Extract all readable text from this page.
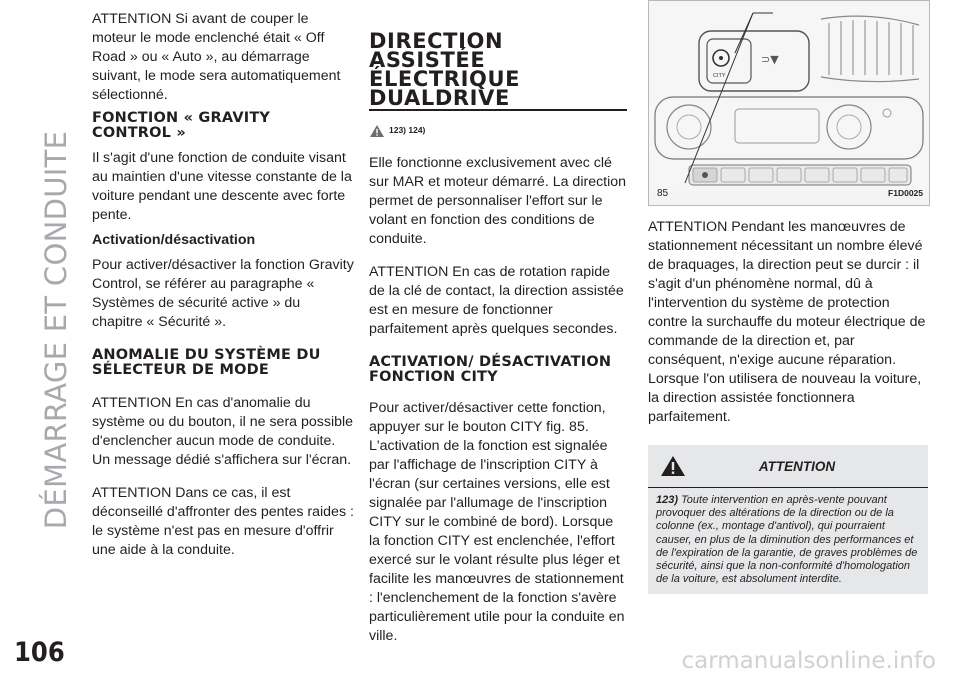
DÉMARRAGE ET CONDUITE

ATTENTION Si avant de couper le moteur le mode enclenché était « Off Road » ou « Auto », au démarrage suivant, le mode sera automatiquement sélectionné.

FONCTION « GRAVITY CONTROL »

Il s'agit d'une fonction de conduite visant au maintien d'une vitesse constante de la voiture pendant une descente avec forte pente.

Activation/désactivation

Pour activer/désactiver la fonction Gravity Control, se référer au paragraphe « Systèmes de sécurité active » du chapitre « Sécurité ».

ANOMALIE DU SYSTÈME DU SÉLECTEUR DE MODE

ATTENTION En cas d'anomalie du système ou du bouton, il ne sera possible d'enclencher aucun mode de conduite. Un message dédié s'affichera sur l'écran.

ATTENTION Dans ce cas, il est déconseillé d'affronter des pentes raides : le système n'est pas en mesure d'offrir une aide à la conduite.

DIRECTION
ASSISTÉE
ÉLECTRIQUE
DUALDRIVE
123) 124)

Elle fonctionne exclusivement avec clé sur MAR et moteur démarré. La direction permet de personnaliser l'effort sur le volant en fonction des conditions de conduite.

ATTENTION En cas de rotation rapide de la clé de contact, la direction assistée est en mesure de fonctionner parfaitement après quelques secondes.

ACTIVATION/ DÉSACTIVATION FONCTION CITY

Pour activer/désactiver cette fonction, appuyer sur le bouton CITY fig. 85. L'activation de la fonction est signalée par l'affichage de l'inscription CITY à l'écran (sur certaines versions, elle est signalée par l'allumage de l'inscription CITY sur le combiné de bord). Lorsque la fonction CITY est enclenchée, l'effort exercé sur le volant résulte plus léger et facilite les manœuvres de stationnement : l'enclenchement de la fonction s'avère particulièrement utile pour la conduite en ville.

CITY
⊃▼
85	F1D0025

ATTENTION Pendant les manœuvres de stationnement nécessitant un nombre élevé de braquages, la direction peut se durcir : il s'agit d'un phénomène normal, dû à l'intervention du système de protection contre la surchauffe du moteur électrique de commande de la direction et, par conséquent, n'exige aucune réparation. Lorsque l'on utilisera de nouveau la voiture, la direction assistée fonctionnera parfaitement.

ATTENTION
123) Toute intervention en après-vente pouvant provoquer des altérations de la direction ou de la colonne (ex., montage d'antivol), qui pourraient causer, en plus de la diminution des performances et de l'expiration de la garantie, de graves problèmes de sécurité, ainsi que la non-conformité d'homologation de la voiture, est absolument interdite.
106	carmanualsonline.info
